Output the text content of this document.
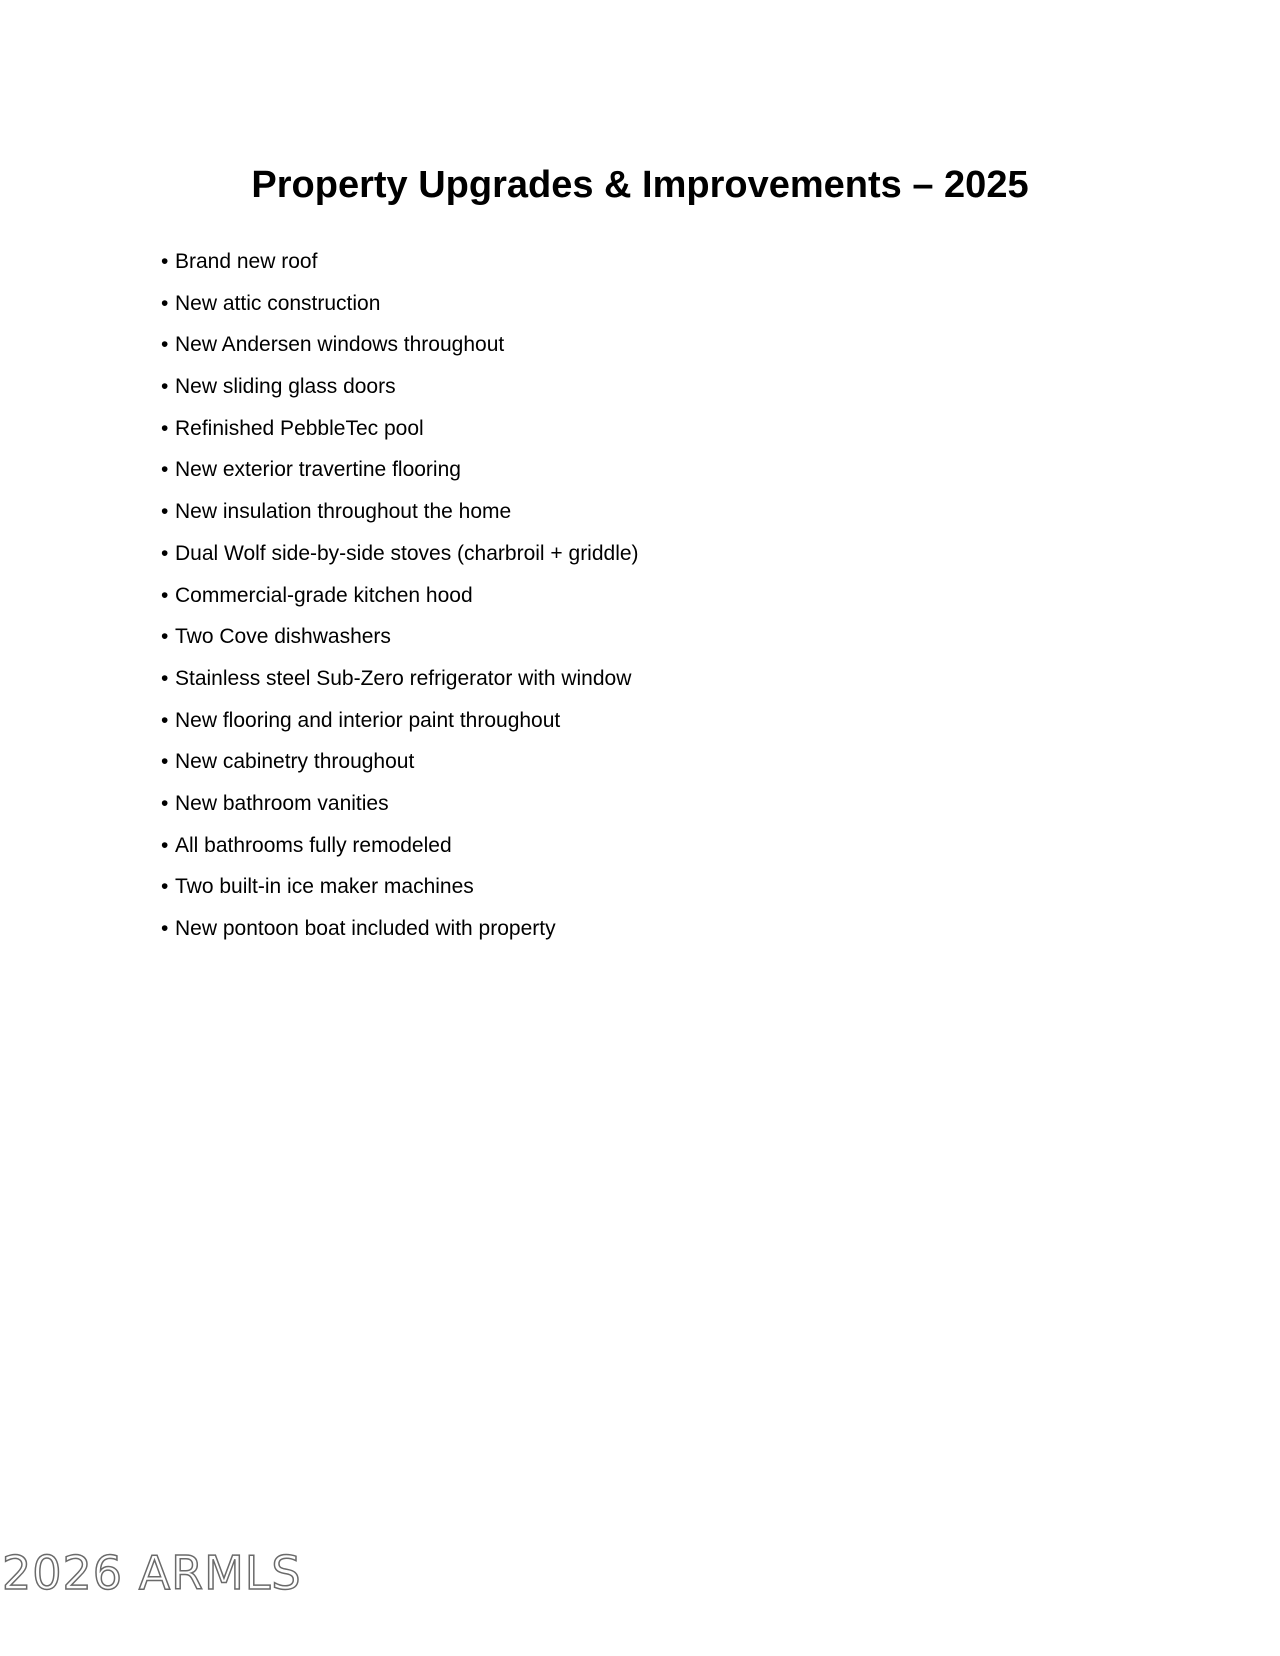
Property Upgrades & Improvements – 2025
• Brand new roof
• New attic construction
• New Andersen windows throughout
• New sliding glass doors
• Refinished PebbleTec pool
• New exterior travertine flooring
• New insulation throughout the home
• Dual Wolf side-by-side stoves (charbroil + griddle)
• Commercial-grade kitchen hood
• Two Cove dishwashers
• Stainless steel Sub-Zero refrigerator with window
• New flooring and interior paint throughout
• New cabinetry throughout
• New bathroom vanities
• All bathrooms fully remodeled
• Two built-in ice maker machines
• New pontoon boat included with property
2026 ARMLS
